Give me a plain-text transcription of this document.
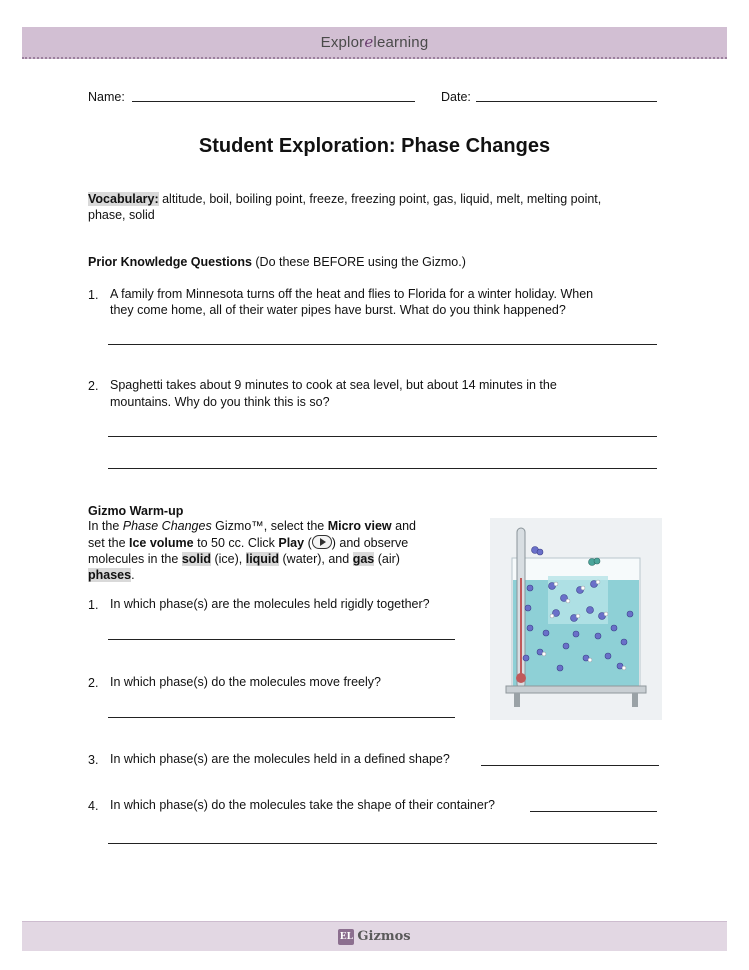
Explor e learning
Name:	Date:
Student Exploration: Phase Changes
Vocabulary: altitude, boil, boiling point, freeze, freezing point, gas, liquid, melt, melting point,
phase, solid
Prior Knowledge Questions (Do these BEFORE using the Gizmo.)
1. A family from Minnesota turns off the heat and flies to Florida for a winter holiday. When
they come home, all of their water pipes have burst. What do you think happened?
2. Spaghetti takes about 9 minutes to cook at sea level, but about 14 minutes in the
mountains. Why do you think this is so?
Gizmo Warm-up
In the Phase Changes Gizmo™, select the Micro view and
set the Ice volume to 50 cc. Click Play ( ) and observe
molecules in the solid (ice), liquid (water), and gas (air)
phases.
1. In which phase(s) are the molecules held rigidly together?
2. In which phase(s) do the molecules move freely?
3. In which phase(s) are the molecules held in a defined shape?
4. In which phase(s) do the molecules take the shape of their container?
EL Gizmos
